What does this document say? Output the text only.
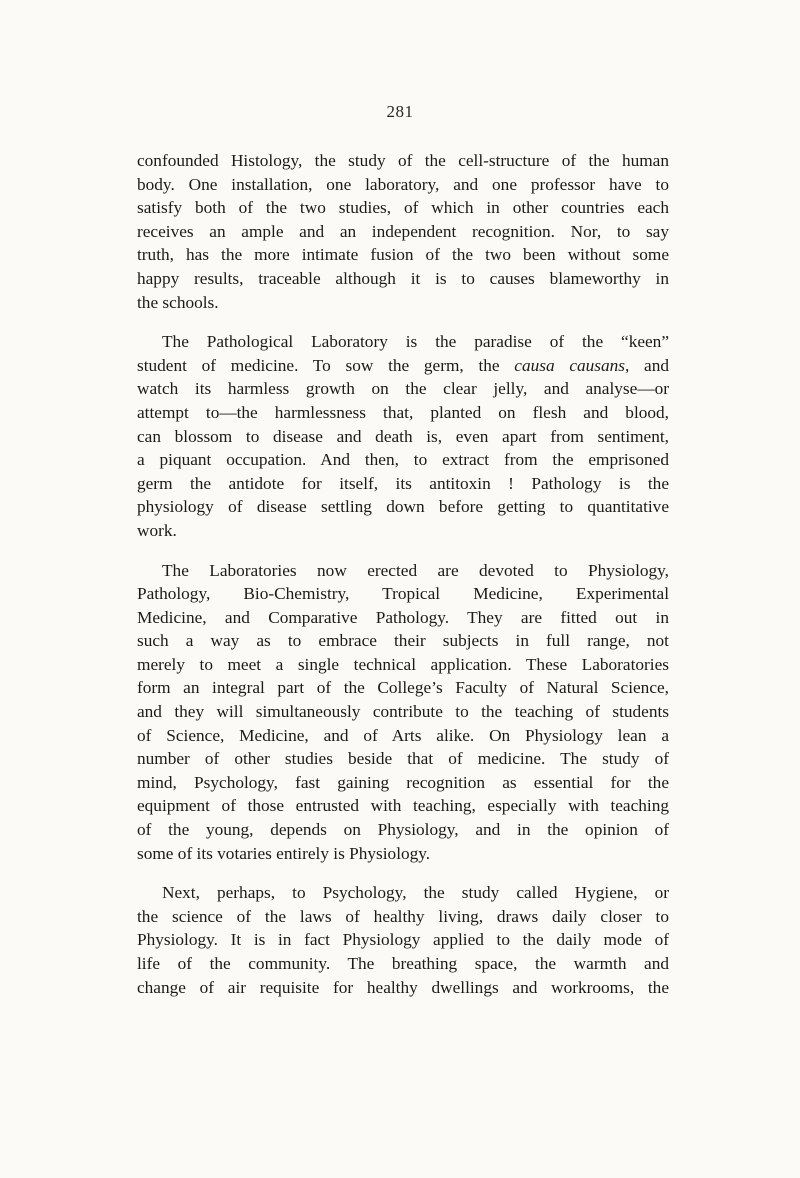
281
confounded Histology, the study of the cell-structure of the human
body. One installation, one laboratory, and one professor have to
satisfy both of the two studies, of which in other countries each
receives an ample and an independent recognition. Nor, to say
truth, has the more intimate fusion of the two been without some
happy results, traceable although it is to causes blameworthy in
the schools.
The Pathological Laboratory is the paradise of the “keen”
student of medicine. To sow the germ, the causa causans, and
watch its harmless growth on the clear jelly, and analyse—or
attempt to—the harmlessness that, planted on flesh and blood,
can blossom to disease and death is, even apart from sentiment,
a piquant occupation. And then, to extract from the emprisoned
germ the antidote for itself, its antitoxin ! Pathology is the
physiology of disease settling down before getting to quantitative
work.
The Laboratories now erected are devoted to Physiology,
Pathology, Bio-Chemistry, Tropical Medicine, Experimental
Medicine, and Comparative Pathology. They are fitted out in
such a way as to embrace their subjects in full range, not
merely to meet a single technical application. These Laboratories
form an integral part of the College’s Faculty of Natural Science,
and they will simultaneously contribute to the teaching of students
of Science, Medicine, and of Arts alike. On Physiology lean a
number of other studies beside that of medicine. The study of
mind, Psychology, fast gaining recognition as essential for the
equipment of those entrusted with teaching, especially with teaching
of the young, depends on Physiology, and in the opinion of
some of its votaries entirely is Physiology.
Next, perhaps, to Psychology, the study called Hygiene, or
the science of the laws of healthy living, draws daily closer to
Physiology. It is in fact Physiology applied to the daily mode of
life of the community. The breathing space, the warmth and
change of air requisite for healthy dwellings and workrooms, the
